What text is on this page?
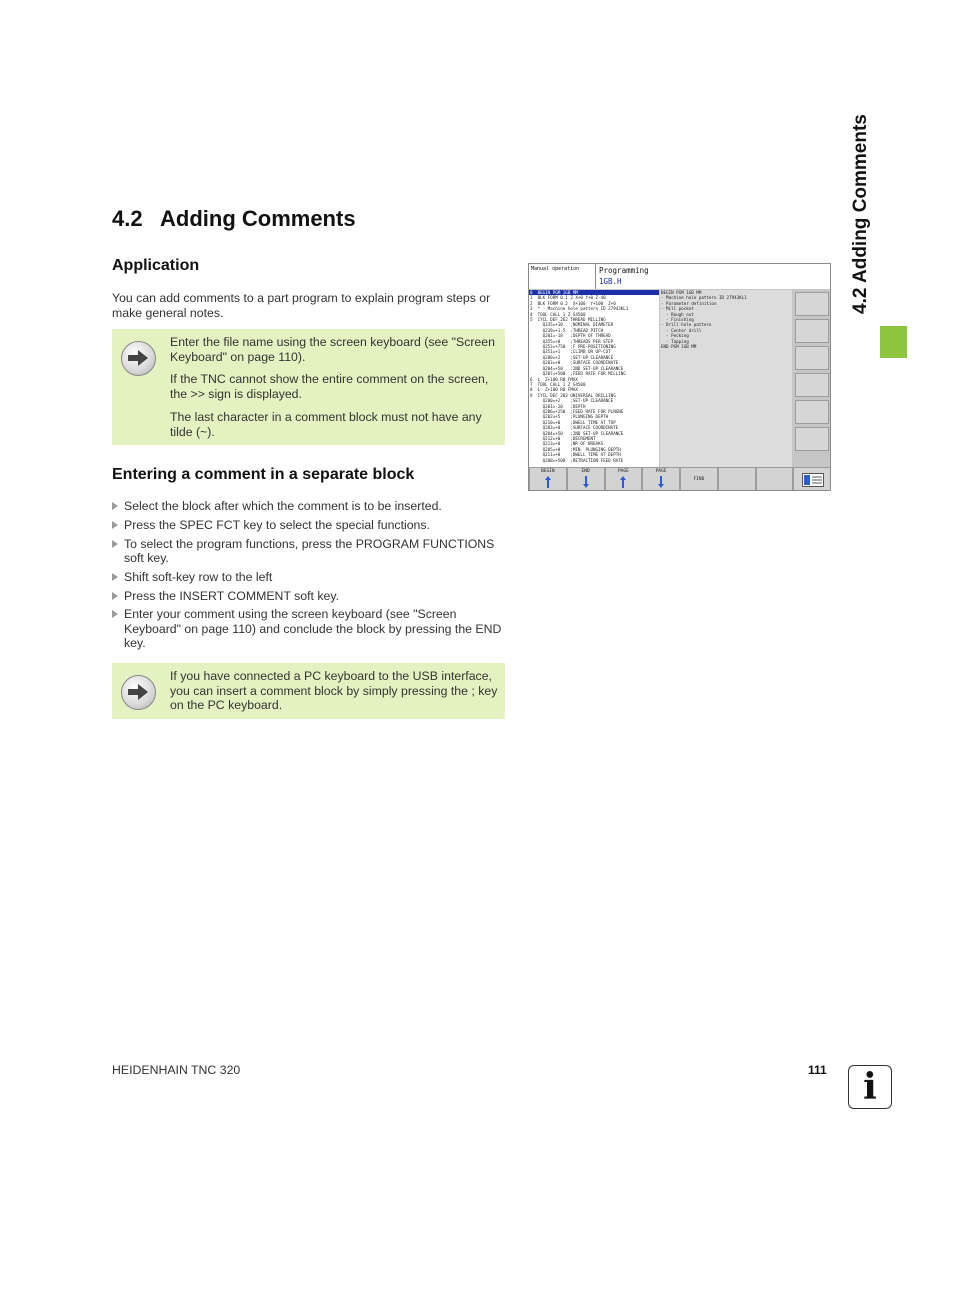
4.2 Adding Comments
4.2 Adding Comments
Application

You can add comments to a part program to explain program steps or make general notes.

Enter the file name using the screen keyboard (see "Screen Keyboard" on page 110).

If the TNC cannot show the entire comment on the screen, the >> sign is displayed.

The last character in a comment block must not have any tilde (~).

Entering a comment in a separate block
Select the block after which the comment is to be inserted.
Press the SPEC FCT key to select the special functions.
To select the program functions, press the PROGRAM FUNCTIONS soft key.
Shift soft-key row to the left
Press the INSERT COMMENT soft key.
Enter your comment using the screen keyboard (see "Screen Keyboard" on page 110) and conclude the block by pressing the END key.

If you have connected a PC keyboard to the USB interface, you can insert a comment block by simply pressing the ; key on the PC keyboard.

Manual operation	Programming
1GB.H
0  BEGIN PGM 1GB MM
1  BLK FORM 0.1 Z X+0 Y+0 Z-40
2  BLK FORM 0.2  X+100  Y+100  Z+0
3  * - Machine hole pattern ID 27943KL1
4  TOOL CALL 1 Z S4500
5  CYCL DEF 262 THREAD MILLING
Q335=+10   ;NOMINAL DIAMETER
Q239=+1.5  ;THREAD PITCH
Q201=-18   ;DEPTH OF THREAD
Q355=+0    ;THREADS PER STEP
Q253=+750  ;F PRE-POSITIONING
Q351=+1    ;CLIMB OR UP-CUT
Q200=+2    ;SET-UP CLEARANCE
Q203=+0    ;SURFACE COORDINATE
Q204=+50   ;2ND SET-UP CLEARANCE
Q207=+500  ;FEED RATE FOR MILLING
6  L  Z+100 R0 FMAX
7  TOOL CALL 1 Z S4500
8  L  Z+100 R0 FMAX
9  CYCL DEF 203 UNIVERSAL DRILLING
Q200=+2    ;SET-UP CLEARANCE
Q201=-20   ;DEPTH
Q206=+250  ;FEED RATE FOR PLNGNG
Q202=+5    ;PLUNGING DEPTH
Q210=+0    ;DWELL TIME AT TOP
Q203=+0    ;SURFACE COORDINATE
Q204=+50   ;2ND SET-UP CLEARANCE
Q212=+0    ;DECREMENT
Q213=+0    ;NR OF BREAKS
Q205=+0    ;MIN. PLUNGING DEPTH
Q211=+0    ;DWELL TIME AT DEPTH
Q208=+500  ;RETRACTION FEED RATE
BEGIN PGM 1GB MM
- Machine hole pattern ID 27943KL1
- Parameter definition
- Mill pocket
- Rough out
- Finishing
- Drill hole pattern
- Center drill
- Pecking
- Tapping
END PGM 1GB MM
BEGIN	END	PAGE	PAGE
FIND
HEIDENHAIN TNC 320	111	i
